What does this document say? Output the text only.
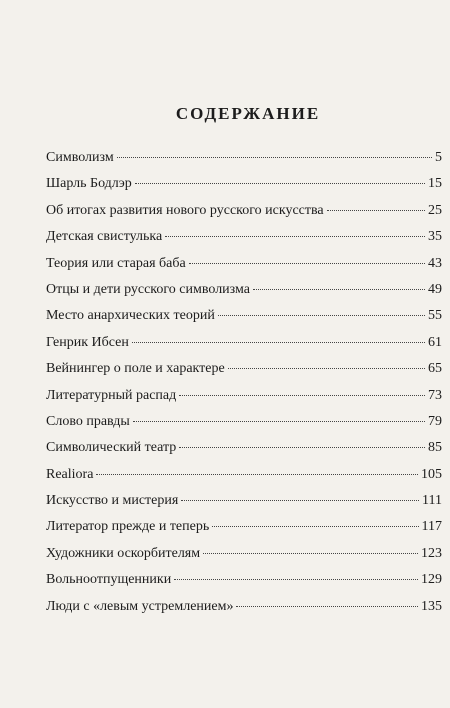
СОДЕРЖАНИЕ
Символизм	5
Шарль Бодлэр	15
Об итогах развития нового русского искусства	25
Детская свистулька	35
Теория или старая баба	43
Отцы и дети русского символизма	49
Место анархических теорий	55
Генрик Ибсен	61
Вейнингер о поле и характере	65
Литературный распад	73
Слово правды	79
Символический театр	85
Realiora	105
Искусство и мистерия	111
Литератор прежде и теперь	117
Художники оскорбителям	123
Вольноотпущенники	129
Люди с «левым устремлением»	135
